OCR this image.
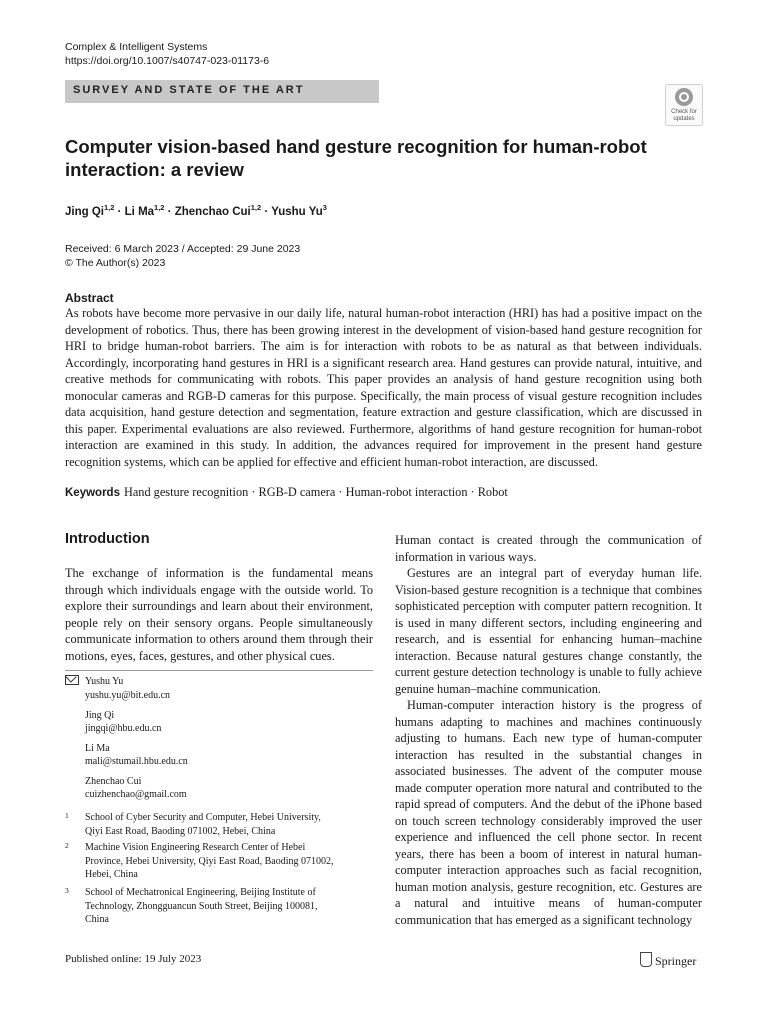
Complex & Intelligent Systems
https://doi.org/10.1007/s40747-023-01173-6
SURVEY AND STATE OF THE ART
Check for
updates
Computer vision-based hand gesture recognition for human-robot interaction: a review
Jing Qi$^{1,2}$ · Li Ma$^{1,2}$ · Zhenchao Cui$^{1,2}$ · Yushu Yu$^3$
Received: 6 March 2023 / Accepted: 29 June 2023
© The Author(s) 2023
Abstract

As robots have become more pervasive in our daily life, natural human-robot interaction (HRI) has had a positive impact on the development of robotics. Thus, there has been growing interest in the development of vision-based hand gesture recognition for HRI to bridge human-robot barriers. The aim is for interaction with robots to be as natural as that between individuals. Accordingly, incorporating hand gestures in HRI is a significant research area. Hand gestures can provide natural, intuitive, and creative methods for communicating with robots. This paper provides an analysis of hand gesture recognition using both monocular cameras and RGB-D cameras for this purpose. Specifically, the main process of visual gesture recognition includes data acquisition, hand gesture detection and segmentation, feature extraction and gesture classification, which are discussed in this paper. Experimental evaluations are also reviewed. Furthermore, algorithms of hand gesture recognition for human-robot interaction are examined in this study. In addition, the advances required for improvement in the present hand gesture recognition systems, which can be applied for effective and efficient human-robot interaction, are discussed.

Keywords Hand gesture recognition · RGB-D camera · Human-robot interaction · Robot
Introduction

The exchange of information is the fundamental means through which individuals engage with the outside world. To explore their surroundings and learn about their environment, people rely on their sensory organs. People simultaneously communicate information to others around them through their motions, eyes, faces, gestures, and other physical cues.

Human contact is created through the communication of information in various ways.

Gestures are an integral part of everyday human life. Vision-based gesture recognition is a technique that combines sophisticated perception with computer pattern recognition. It is used in many different sectors, including engineering and research, and is essential for enhancing human–machine interaction. Because natural gestures change constantly, the current gesture detection technology is unable to fully achieve genuine human–machine communication.

Human-computer interaction history is the progress of humans adapting to machines and machines continuously adjusting to humans. Each new type of human-computer interaction has resulted in the substantial changes in associated businesses. The advent of the computer mouse made computer operation more natural and contributed to the rapid spread of computers. And the debut of the iPhone based on touch screen technology considerably improved the user experience and influenced the cell phone sector. In recent years, there has been a boom of interest in natural human-computer interaction approaches such as facial recognition, human motion analysis, gesture recognition, etc. Gestures are a natural and intuitive means of human-computer communication that has emerged as a significant technology

Yushu Yu
yushu.yu@bit.edu.cn
Jing Qi
jingqi@hbu.edu.cn
Li Ma
mali@stumail.hbu.edu.cn
Zhenchao Cui
cuizhenchao@gmail.com
1 School of Cyber Security and Computer, Hebei University,
Qiyi East Road, Baoding 071002, Hebei, China
2 Machine Vision Engineering Research Center of Hebei
Province, Hebei University, Qiyi East Road, Baoding 071002,
Hebei, China
3 School of Mechatronical Engineering, Beijing Institute of
Technology, Zhongguancun South Street, Beijing 100081,
China
Published online: 19 July 2023	Springer
